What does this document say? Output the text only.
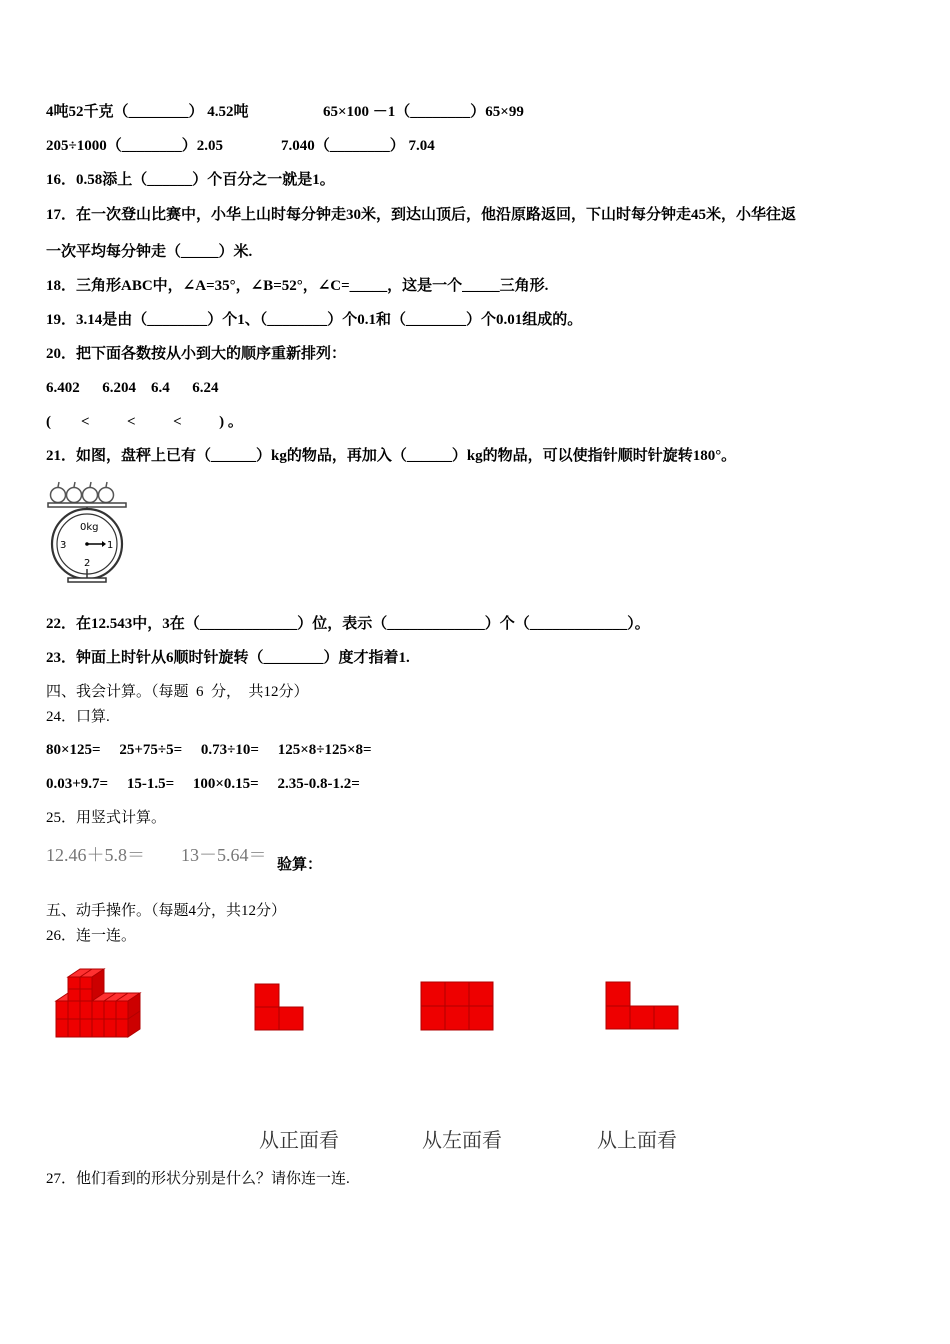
4吨52千克（________） 4.52吨	65×100 －1（________）65×99
205÷1000（________）2.05	7.040（________） 7.04
16．0.58添上（______）个百分之一就是1。
17．在一次登山比赛中，小华上山时每分钟走30米，到达山顶后，他沿原路返回，下山时每分钟走45米，小华往返
一次平均每分钟走（_____）米.
18．三角形ABC中，∠A=35°，∠B=52°，∠C=_____，这是一个_____三角形.
19．3.14是由（________）个1、（________）个0.1和（________）个0.01组成的。
20．把下面各数按从小到大的顺序重新排列：
6.402      6.204    6.4      6.24
(        <          <          <          ) 。
21．如图，盘秤上已有（______）kg的物品，再加入（______）kg的物品，可以使指针顺时针旋转180°。
0kg
3	1
2
22．在12.543中，3在（_____________）位，表示（_____________）个（_____________）。
23．钟面上时针从6顺时针旋转（________）度才指着1.
四、我会计算。（每题  6  分，  共12分）
24．口算.
80×125=     25+75÷5=     0.73÷10=     125×8÷125×8=
0.03+9.7=     15-1.5=     100×0.15=     2.35-0.8-1.2=
25．用竖式计算。
12.46＋5.8＝ 13－5.64＝ 验算：
五、动手操作。（每题4分，共12分）
26．连一连。
从正面看	从左面看	从上面看
27．他们看到的形状分别是什么？请你连一连.
